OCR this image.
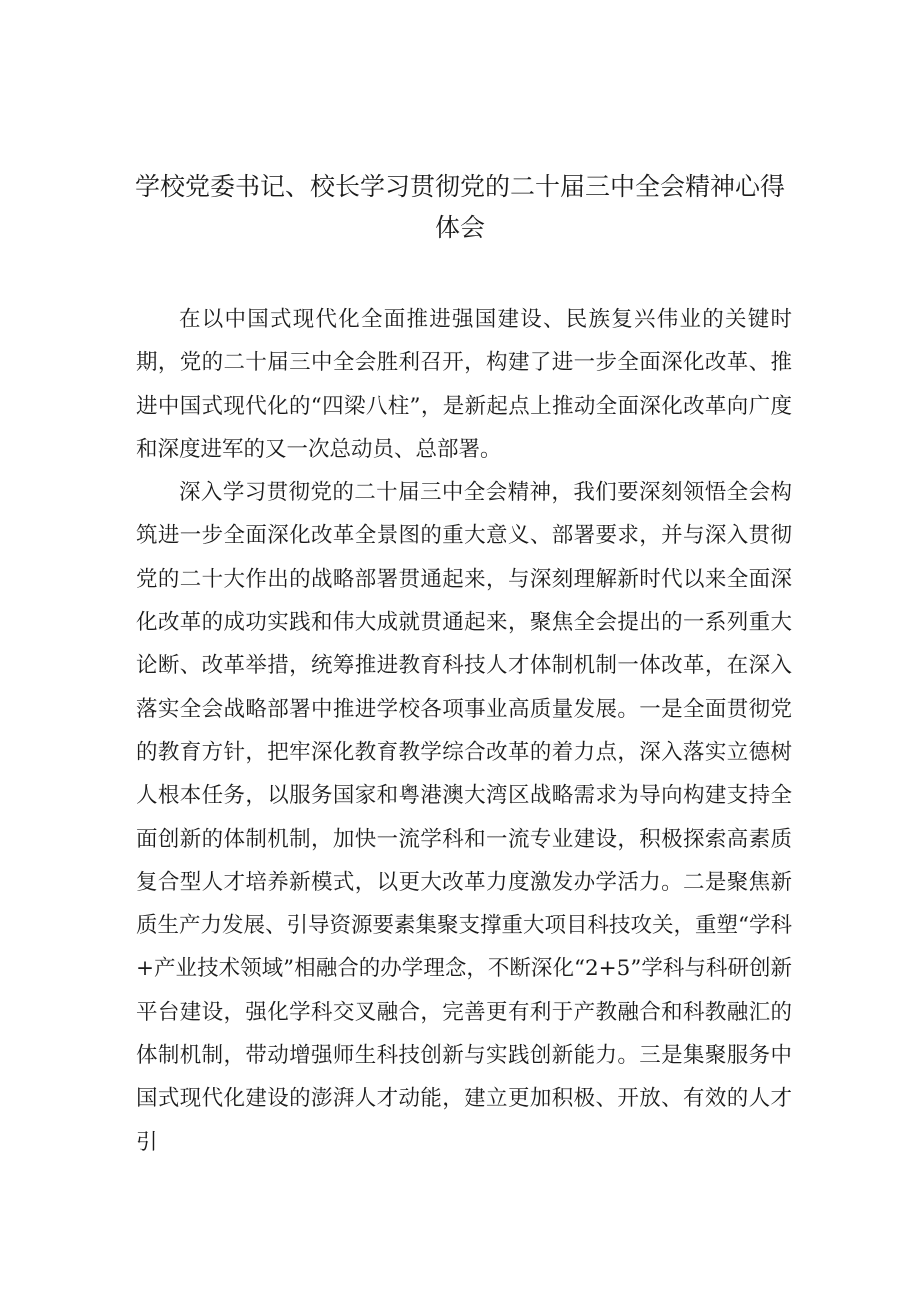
学校党委书记、校长学习贯彻党的二十届三中全会精神心得
体会

在以中国式现代化全面推进强国建设、民族复兴伟业的关键时期，党的二十届三中全会胜利召开，构建了进一步全面深化改革、推进中国式现代化的“四梁八柱”，是新起点上推动全面深化改革向广度和深度进军的又一次总动员、总部署。

深入学习贯彻党的二十届三中全会精神，我们要深刻领悟全会构筑进一步全面深化改革全景图的重大意义、部署要求，并与深入贯彻党的二十大作出的战略部署贯通起来，与深刻理解新时代以来全面深化改革的成功实践和伟大成就贯通起来，聚焦全会提出的一系列重大论断、改革举措，统筹推进教育科技人才体制机制一体改革，在深入落实全会战略部署中推进学校各项事业高质量发展。一是全面贯彻党的教育方针，把牢深化教育教学综合改革的着力点，深入落实立德树人根本任务，以服务国家和粤港澳大湾区战略需求为导向构建支持全面创新的体制机制，加快一流学科和一流专业建设，积极探索高素质复合型人才培养新模式，以更大改革力度激发办学活力。二是聚焦新质生产力发展、引导资源要素集聚支撑重大项目科技攻关，重塑“学科+产业技术领域”相融合的办学理念，不断深化“2+5”学科与科研创新平台建设，强化学科交叉融合，完善更有利于产教融合和科教融汇的体制机制，带动增强师生科技创新与实践创新能力。三是集聚服务中国式现代化建设的澎湃人才动能，建立更加积极、开放、有效的人才引
